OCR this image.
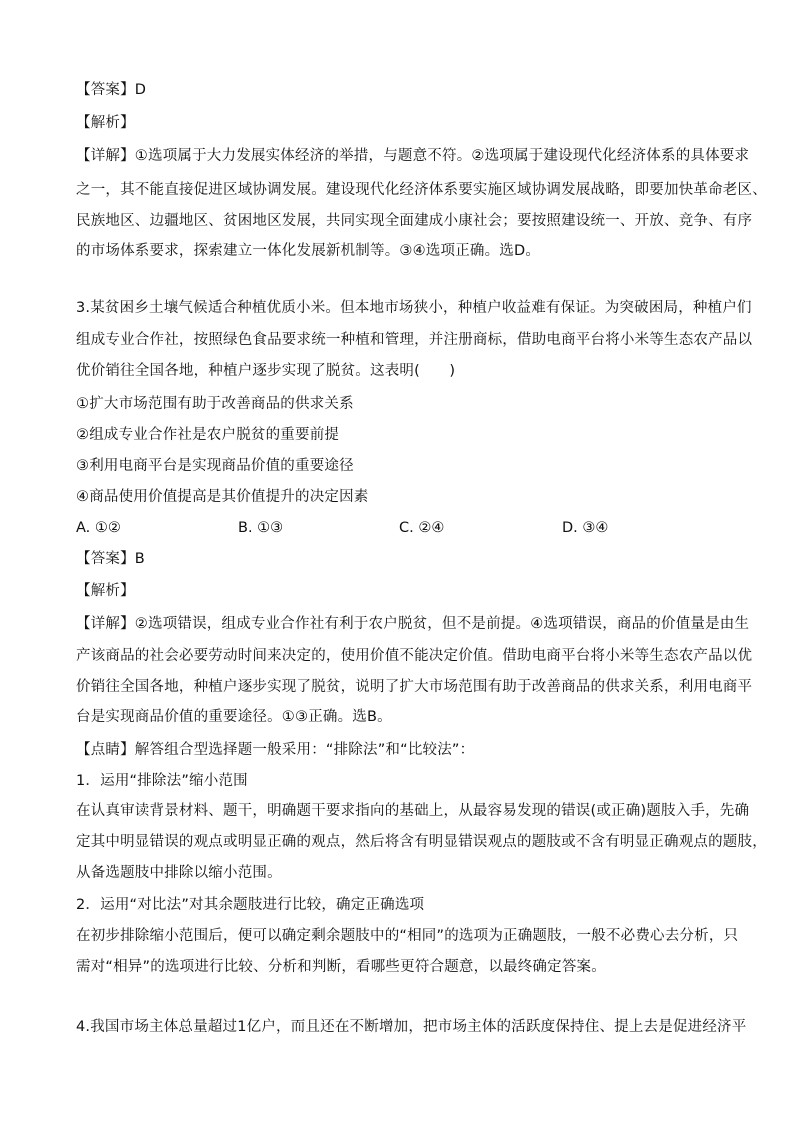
【答案】D
【解析】
【详解】①选项属于大力发展实体经济的举措，与题意不符。②选项属于建设现代化经济体系的具体要求
之一，其不能直接促进区域协调发展。建设现代化经济体系要实施区域协调发展战略，即要加快革命老区、
民族地区、边疆地区、贫困地区发展，共同实现全面建成小康社会；要按照建设统一、开放、竞争、有序
的市场体系要求，探索建立一体化发展新机制等。③④选项正确。选D。
3.某贫困乡土壤气候适合种植优质小米。但本地市场狭小，种植户收益难有保证。为突破困局，种植户们
组成专业合作社，按照绿色食品要求统一种植和管理，并注册商标，借助电商平台将小米等生态农产品以
优价销往全国各地，种植户逐步实现了脱贫。这表明(　　)
①扩大市场范围有助于改善商品的供求关系
②组成专业合作社是农户脱贫的重要前提
③利用电商平台是实现商品价值的重要途径
④商品使用价值提高是其价值提升的决定因素
A. ①②	B. ①③	C. ②④	D. ③④
【答案】B
【解析】
【详解】②选项错误，组成专业合作社有利于农户脱贫，但不是前提。④选项错误，商品的价值量是由生
产该商品的社会必要劳动时间来决定的，使用价值不能决定价值。借助电商平台将小米等生态农产品以优
价销往全国各地，种植户逐步实现了脱贫，说明了扩大市场范围有助于改善商品的供求关系，利用电商平
台是实现商品价值的重要途径。①③正确。选B。
【点睛】解答组合型选择题一般采用：“排除法”和“比较法”：
1．运用“排除法”缩小范围
在认真审读背景材料、题干，明确题干要求指向的基础上，从最容易发现的错误(或正确)题肢入手，先确
定其中明显错误的观点或明显正确的观点，然后将含有明显错误观点的题肢或不含有明显正确观点的题肢，
从备选题肢中排除以缩小范围。
2．运用“对比法”对其余题肢进行比较，确定正确选项
在初步排除缩小范围后，便可以确定剩余题肢中的“相同”的选项为正确题肢，一般不必费心去分析，只
需对“相异”的选项进行比较、分析和判断，看哪些更符合题意，以最终确定答案。
4.我国市场主体总量超过1亿户，而且还在不断增加，把市场主体的活跃度保持住、提上去是促进经济平
